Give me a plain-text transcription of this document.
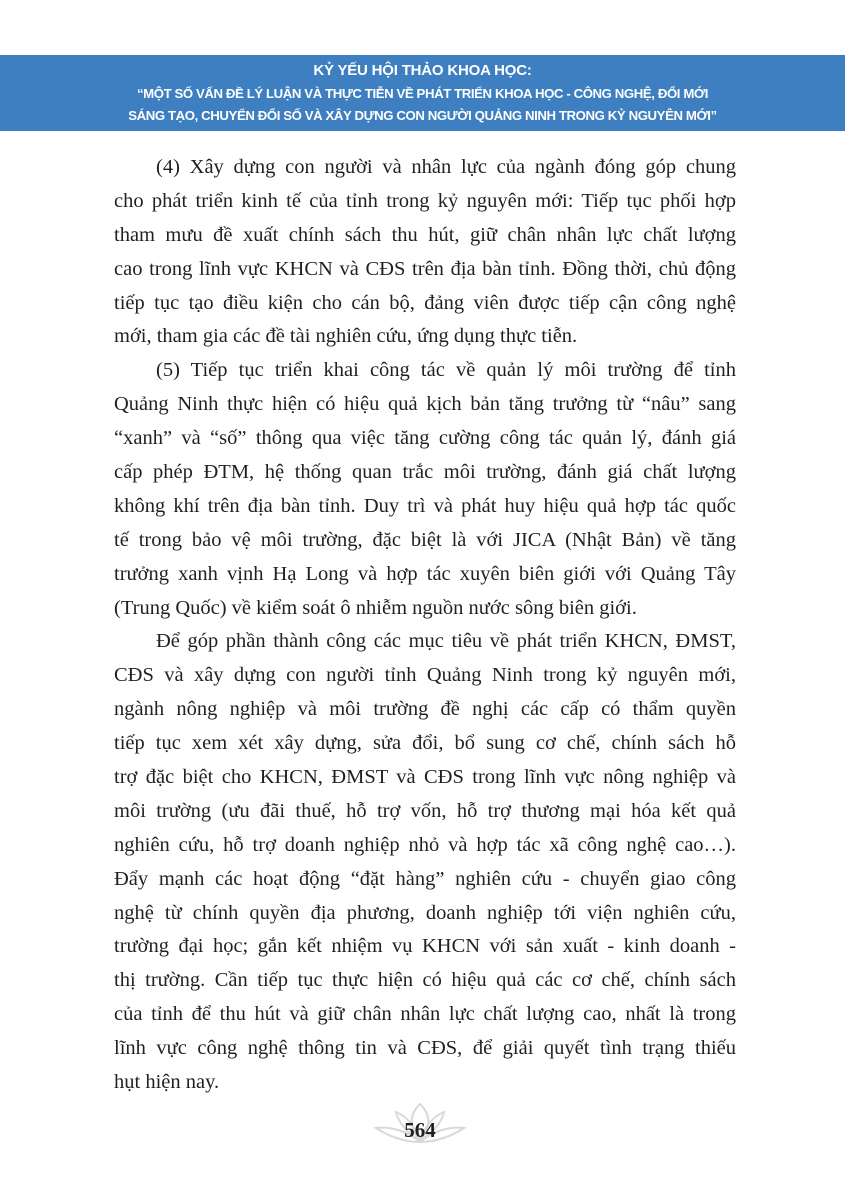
KỶ YẾU HỘI THẢO KHOA HỌC:
“MỘT SỐ VẤN ĐỀ LÝ LUẬN VÀ THỰC TIỄN VỀ PHÁT TRIỂN KHOA HỌC - CÔNG NGHỆ, ĐỔI MỚI
SÁNG TẠO, CHUYỂN ĐỔI SỐ VÀ XÂY DỰNG CON NGƯỜI QUẢNG NINH TRONG KỶ NGUYÊN MỚI”
(4) Xây dựng con người và nhân lực của ngành đóng góp chung
cho phát triển kinh tế của tỉnh trong kỷ nguyên mới: Tiếp tục phối hợp
tham mưu đề xuất chính sách thu hút, giữ chân nhân lực chất lượng
cao trong lĩnh vực KHCN và CĐS trên địa bàn tỉnh. Đồng thời, chủ động
tiếp tục tạo điều kiện cho cán bộ, đảng viên được tiếp cận công nghệ
mới, tham gia các đề tài nghiên cứu, ứng dụng thực tiễn.
(5) Tiếp tục triển khai công tác về quản lý môi trường để tỉnh
Quảng Ninh thực hiện có hiệu quả kịch bản tăng trưởng từ “nâu” sang
“xanh” và “số” thông qua việc tăng cường công tác quản lý, đánh giá
cấp phép ĐTM, hệ thống quan trắc môi trường, đánh giá chất lượng
không khí trên địa bàn tỉnh. Duy trì và phát huy hiệu quả hợp tác quốc
tế trong bảo vệ môi trường, đặc biệt là với JICA (Nhật Bản) về tăng
trưởng xanh vịnh Hạ Long và hợp tác xuyên biên giới với Quảng Tây
(Trung Quốc) về kiểm soát ô nhiễm nguồn nước sông biên giới.
Để góp phần thành công các mục tiêu về phát triển KHCN, ĐMST,
CĐS và xây dựng con người tỉnh Quảng Ninh trong kỷ nguyên mới,
ngành nông nghiệp và môi trường đề nghị các cấp có thẩm quyền
tiếp tục xem xét xây dựng, sửa đổi, bổ sung cơ chế, chính sách hỗ
trợ đặc biệt cho KHCN, ĐMST và CĐS trong lĩnh vực nông nghiệp và
môi trường (ưu đãi thuế, hỗ trợ vốn, hỗ trợ thương mại hóa kết quả
nghiên cứu, hỗ trợ doanh nghiệp nhỏ và hợp tác xã công nghệ cao…).
Đẩy mạnh các hoạt động “đặt hàng” nghiên cứu - chuyển giao công
nghệ từ chính quyền địa phương, doanh nghiệp tới viện nghiên cứu,
trường đại học; gắn kết nhiệm vụ KHCN với sản xuất - kinh doanh -
thị trường. Cần tiếp tục thực hiện có hiệu quả các cơ chế, chính sách
của tỉnh để thu hút và giữ chân nhân lực chất lượng cao, nhất là trong
lĩnh vực công nghệ thông tin và CĐS, để giải quyết tình trạng thiếu
hụt hiện nay.
564
